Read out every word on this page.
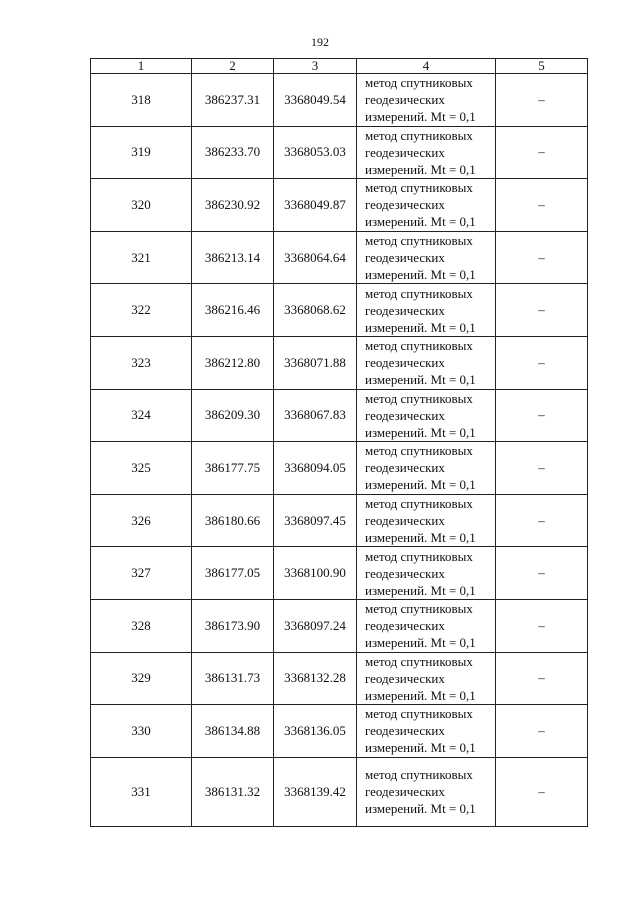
192
1	2	3	4	5
318	386237.31	3368049.54	метод спутниковых
геодезических
измерений. Mt = 0,1	–
319	386233.70	3368053.03	метод спутниковых
геодезических
измерений. Mt = 0,1	–
320	386230.92	3368049.87	метод спутниковых
геодезических
измерений. Mt = 0,1	–
321	386213.14	3368064.64	метод спутниковых
геодезических
измерений. Mt = 0,1	–
322	386216.46	3368068.62	метод спутниковых
геодезических
измерений. Mt = 0,1	–
323	386212.80	3368071.88	метод спутниковых
геодезических
измерений. Mt = 0,1	–
324	386209.30	3368067.83	метод спутниковых
геодезических
измерений. Mt = 0,1	–
325	386177.75	3368094.05	метод спутниковых
геодезических
измерений. Mt = 0,1	–
326	386180.66	3368097.45	метод спутниковых
геодезических
измерений. Mt = 0,1	–
327	386177.05	3368100.90	метод спутниковых
геодезических
измерений. Mt = 0,1	–
328	386173.90	3368097.24	метод спутниковых
геодезических
измерений. Mt = 0,1	–
329	386131.73	3368132.28	метод спутниковых
геодезических
измерений. Mt = 0,1	–
330	386134.88	3368136.05	метод спутниковых
геодезических
измерений. Mt = 0,1	–
331	386131.32	3368139.42	метод спутниковых
геодезических
измерений. Mt = 0,1	–
